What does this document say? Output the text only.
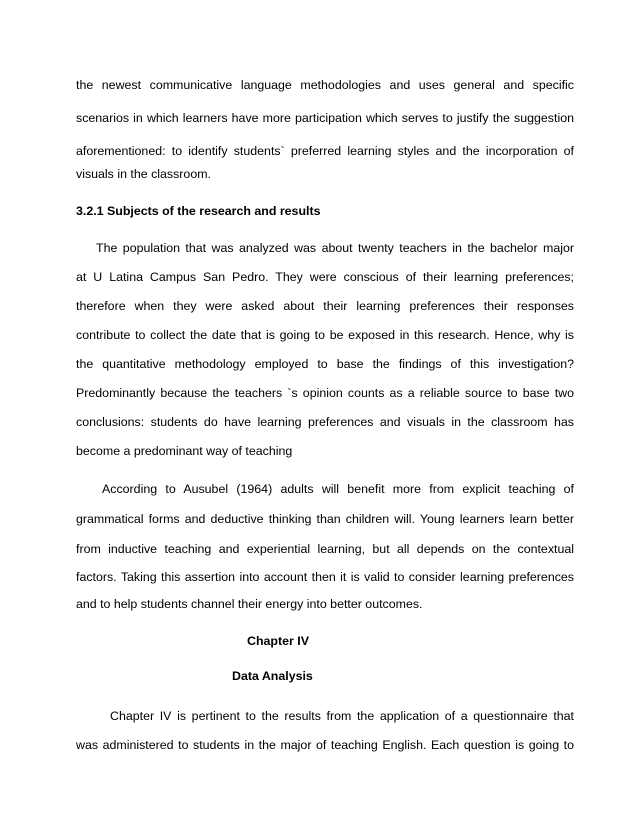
the newest communicative language methodologies and uses general and specific
scenarios in which learners have more participation which serves to justify the suggestion
aforementioned: to identify students` preferred learning styles and the incorporation of
visuals in the classroom.
3.2.1 Subjects of the research and results
The population that was analyzed was about twenty teachers in the bachelor major
at U Latina Campus San Pedro. They were conscious of their learning preferences;
therefore when they were asked about their learning preferences their responses
contribute to collect the date that is going to be exposed in this research. Hence, why is
the quantitative methodology employed to base the findings of this investigation?
Predominantly because the teachers `s opinion counts as a reliable source to base two
conclusions: students do have learning preferences and visuals in the classroom has
become a predominant way of teaching
According to Ausubel (1964) adults will benefit more from explicit teaching of
grammatical forms and deductive thinking than children will. Young learners learn better
from inductive teaching and experiential learning, but all depends on the contextual
factors. Taking this assertion into account then it is valid to consider learning preferences
and to help students channel their energy into better outcomes.
Chapter IV
Data Analysis
Chapter IV is pertinent to the results from the application of a questionnaire that
was administered to students in the major of teaching English. Each question is going to
